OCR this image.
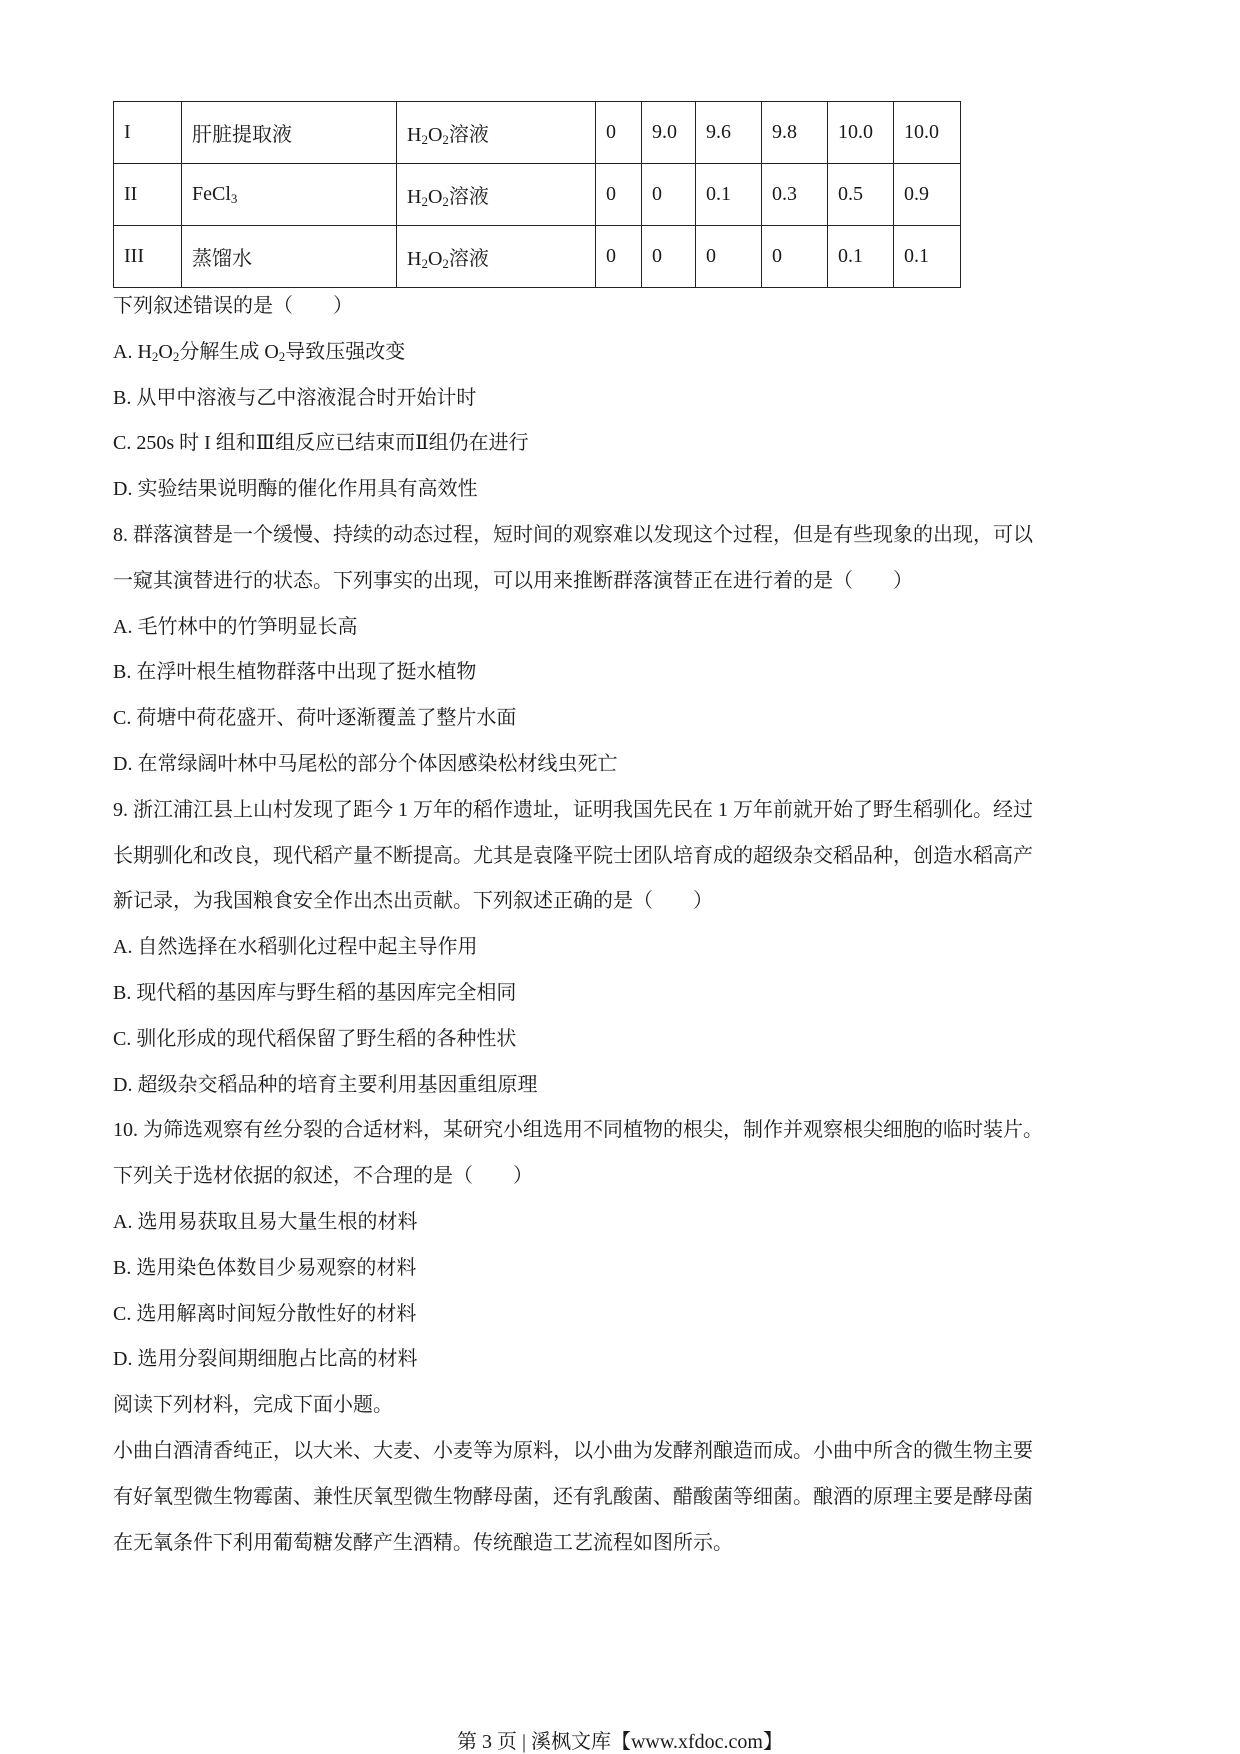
I	肝脏提取液	$H_2O_2$溶液	0	9.0	9.6	9.8	10.0	10.0
II	FeCl$_3$	$H_2O_2$溶液	0	0	0.1	0.3	0.5	0.9
III	蒸馏水	$H_2O_2$溶液	0	0	0	0	0.1	0.1
下列叙述错误的是（　　）
A. $H_2O_2$分解生成 $O_2$导致压强改变
B. 从甲中溶液与乙中溶液混合时开始计时
C. 250s 时 I 组和Ⅲ组反应已结束而Ⅱ组仍在进行
D. 实验结果说明酶的催化作用具有高效性
8. 群落演替是一个缓慢、持续的动态过程，短时间的观察难以发现这个过程，但是有些现象的出现，可以
一窥其演替进行的状态。下列事实的出现，可以用来推断群落演替正在进行着的是（　　）
A. 毛竹林中的竹笋明显长高
B. 在浮叶根生植物群落中出现了挺水植物
C. 荷塘中荷花盛开、荷叶逐渐覆盖了整片水面
D. 在常绿阔叶林中马尾松的部分个体因感染松材线虫死亡
9. 浙江浦江县上山村发现了距今 1 万年的稻作遗址，证明我国先民在 1 万年前就开始了野生稻驯化。经过
长期驯化和改良，现代稻产量不断提高。尤其是袁隆平院士团队培育成的超级杂交稻品种，创造水稻高产
新记录，为我国粮食安全作出杰出贡献。下列叙述正确的是（　　）
A. 自然选择在水稻驯化过程中起主导作用
B. 现代稻的基因库与野生稻的基因库完全相同
C. 驯化形成的现代稻保留了野生稻的各种性状
D. 超级杂交稻品种的培育主要利用基因重组原理
10. 为筛选观察有丝分裂的合适材料，某研究小组选用不同植物的根尖，制作并观察根尖细胞的临时装片。
下列关于选材依据的叙述，不合理的是（　　）
A. 选用易获取且易大量生根的材料
B. 选用染色体数目少易观察的材料
C. 选用解离时间短分散性好的材料
D. 选用分裂间期细胞占比高的材料
阅读下列材料，完成下面小题。
小曲白酒清香纯正，以大米、大麦、小麦等为原料，以小曲为发酵剂酿造而成。小曲中所含的微生物主要
有好氧型微生物霉菌、兼性厌氧型微生物酵母菌，还有乳酸菌、醋酸菌等细菌。酿酒的原理主要是酵母菌
在无氧条件下利用葡萄糖发酵产生酒精。传统酿造工艺流程如图所示。
第 3 页 | 溪枫文库【www.xfdoc.com】
